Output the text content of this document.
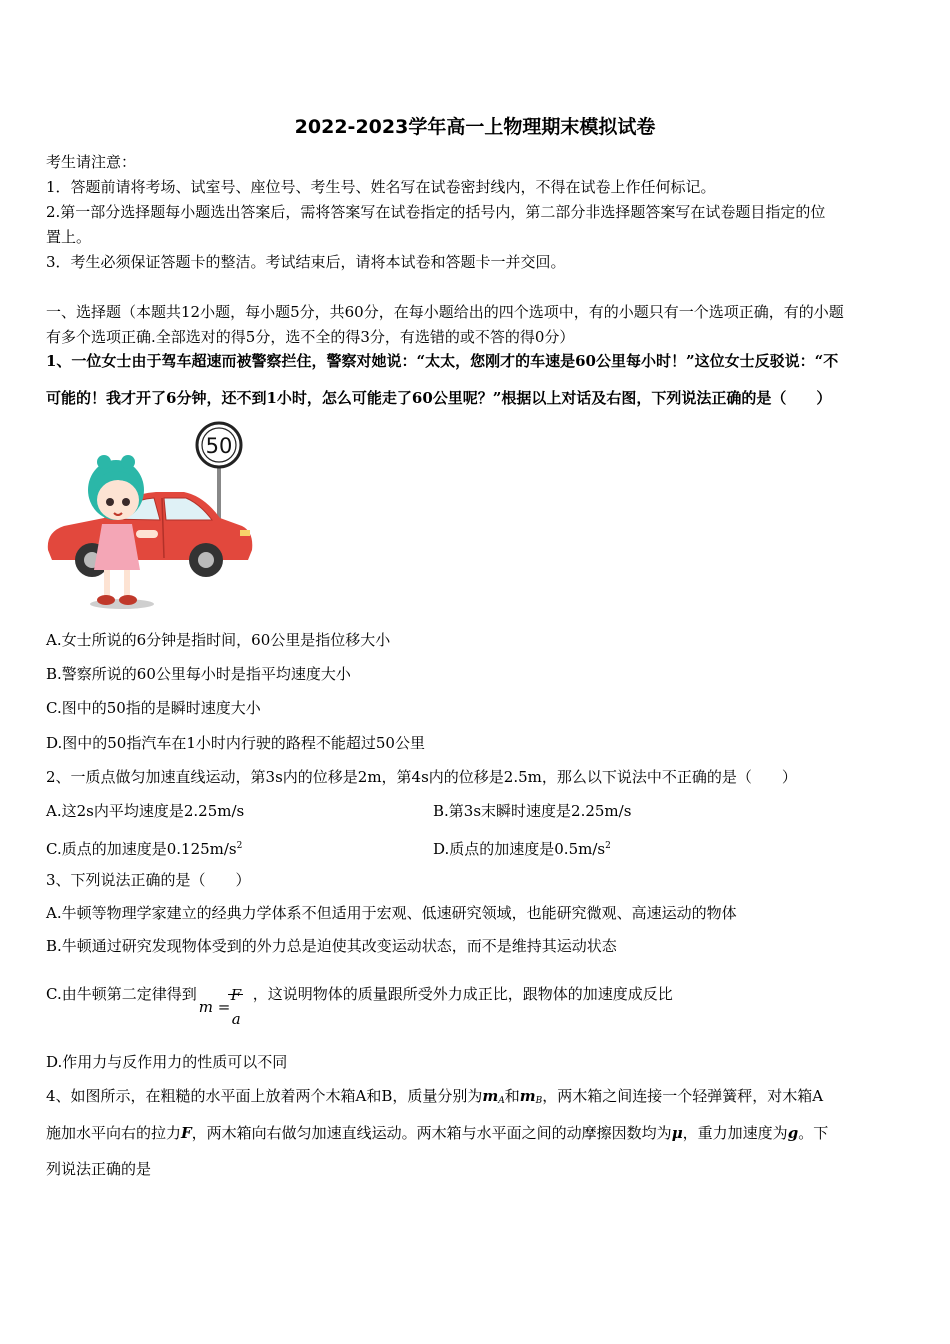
2022-2023学年高一上物理期末模拟试卷
考生请注意：
1．答题前请将考场、试室号、座位号、考生号、姓名写在试卷密封线内，不得在试卷上作任何标记。
2.第一部分选择题每小题选出答案后，需将答案写在试卷指定的括号内，第二部分非选择题答案写在试卷题目指定的位
置上。
3．考生必须保证答题卡的整洁。考试结束后，请将本试卷和答题卡一并交回。
一、选择题（本题共12小题，每小题5分，共60分，在每小题给出的四个选项中，有的小题只有一个选项正确，有的小题
有多个选项正确.全部选对的得5分，选不全的得3分，有选错的或不答的得0分）
1、一位女士由于驾车超速而被警察拦住，警察对她说：“太太，您刚才的车速是60公里每小时！”这位女士反驳说：“不
可能的！我才开了6分钟，还不到1小时，怎么可能走了60公里呢？”根据以上对话及右图，下列说法正确的是（　　）
50
A.女士所说的6分钟是指时间，60公里是指位移大小
B.警察所说的60公里每小时是指平均速度大小
C.图中的50指的是瞬时速度大小
D.图中的50指汽车在1小时内行驶的路程不能超过50公里
2、一质点做匀加速直线运动，第3s内的位移是2m，第4s内的位移是2.5m，那么以下说法中不正确的是（　　）
A.这2s内平均速度是2.25m/s	B.第3s末瞬时速度是2.25m/s
C.质点的加速度是$0.125m/s^2$	D.质点的加速度是$0.5m/s^2$
3、下列说法正确的是（　　）
A.牛顿等物理学家建立的经典力学体系不但适用于宏观、低速研究领域，也能研究微观、高速运动的物体
B.牛顿通过研究发现物体受到的外力总是迫使其改变运动状态，而不是维持其运动状态
C.由牛顿第二定律得到
m =
F
a
，这说明物体的质量跟所受外力成正比，跟物体的加速度成反比
D.作用力与反作用力的性质可以不同
4、如图所示，在粗糙的水平面上放着两个木箱A和B，质量分别为$m_A$和$m_B$，两木箱之间连接一个轻弹簧秤，对木箱A
施加水平向右的拉力F，两木箱向右做匀加速直线运动。两木箱与水平面之间的动摩擦因数均为μ，重力加速度为g。下
列说法正确的是
